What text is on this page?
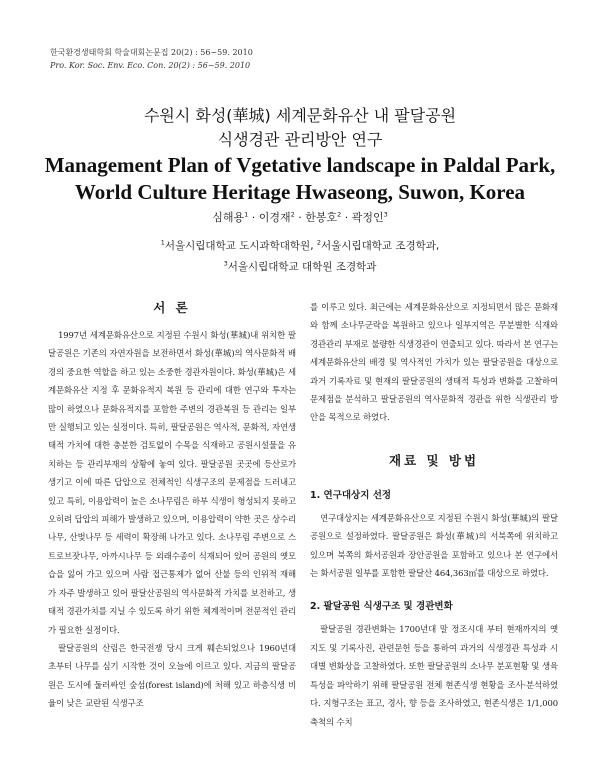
한국환경생태학회 학술대회논문집 20(2) : 56~59. 2010
Pro. Kor. Soc. Env. Eco. Con. 20(2) : 56~59. 2010
수원시 화성(華城) 세계문화유산 내 팔달공원
식생경관 관리방안 연구
Management Plan of Vgetative landscape in Paldal Park,
World Culture Heritage Hwaseong, Suwon, Korea
심해용$^1$ · 이경재$^2$ · 한봉호$^2$ · 곽정인$^3$
$^1$서울시립대학교 도시과학대학원, $^2$서울시립대학교 조경학과,
$^3$서울시립대학교 대학원 조경학과
서 론

1997년 세계문화유산으로 지정된 수원시 화성(華城)내 위치한 팔달공원은 기존의 자연자원을 보전하면서 화성(華城)의 역사문화적 배경의 중요한 역할을 하고 있는 소중한 경관자원이다. 화성(華城)은 세계문화유산 지정 후 문화유적지 복원 등 관리에 대한 연구와 투자는 많이 하였으나 문화유적지를 포함한 주변의 경관복원 등 관리는 일부만 실행되고 있는 실정이다. 특히, 팔달공원은 역사적, 문화적, 자연생태적 가치에 대한 충분한 검토없이 수목을 식재하고 공원시설물을 유치하는 등 관리부재의 상황에 놓여 있다. 팔달공원 곳곳에 등산로가 생기고 이에 따른 답압으로 전체적인 식생구조의 문제점을 드러내고 있고 특히, 이용압력이 높은 소나무림은 하부 식생이 형성되지 못하고 오히려 답압의 피해가 발생하고 있으며, 이용압력이 약한 곳은 상수리나무, 산벚나무 등 세력이 확장해 나가고 있다. 소나무림 주변으로 스트로브잣나무, 아까시나무 등 외래수종이 식재되어 있어 공원의 옛모습을 잃어 가고 있으며 사람 접근통제가 없어 산불 등의 인위적 재해가 자주 발생하고 있어 팔달산공원의 역사문화적 가치를 보전하고, 생태적 경관가치를 지닐 수 있도록 하기 위한 체계적이며 전문적인 관리가 필요한 실정이다.

팔달공원의 산림은 한국전쟁 당시 크게 훼손되었으나 1960년대 초부터 나무를 심기 시작한 것이 오늘에 이르고 있다. 지금의 팔달공원은 도시에 둘러싸인 숲섬(forest island)에 처해 있고 하층식생 비율이 낮은 교란된 식생구조

를 이루고 있다. 최근에는 세계문화유산으로 지정되면서 많은 문화재와 함께 소나무군락을 복원하고 있으나 일부지역은 무분별한 식재와 경관관리 부재로 불량한 식생경관이 연출되고 있다. 따라서 본 연구는 세계문화유산의 배경 및 역사적인 가치가 있는 팔달공원을 대상으로 과거 기록자료 및 현재의 팔달공원의 생태적 특성과 변화를 고찰하여 문제점을 분석하고 팔달공원의 역사문화적 경관을 위한 식생관리 방안을 목적으로 하였다.

재료 및 방법
1. 연구대상지 선정

연구대상지는 세계문화유산으로 지정된 수원시 화성(華城)의 팔달공원으로 설정하였다. 팔달공원은 화성(華城)의 서북쪽에 위치하고 있으며 북쪽의 화서공원과 장안공원을 포함하고 있으나 본 연구에서는 화서공원 일부를 포함한 팔달산 464,363㎡를 대상으로 하였다.

2. 팔달공원 식생구조 및 경관변화

팔달공원 경관변화는 1700년대 말 정조시대 부터 현재까지의 옛지도 및 기록사진, 관련문헌 등을 통하여 과거의 식생경관 특성과 시대별 변화상을 고찰하였다. 또한 팔달공원의 소나무 분포현황 및 생육특성을 파악하기 위해 팔달공원 전체 현존식생 현황을 조사·분석하였다. 지형구조는 표고, 경사, 향 등을 조사하였고, 현존식생은 1/1,000 축척의 수치
